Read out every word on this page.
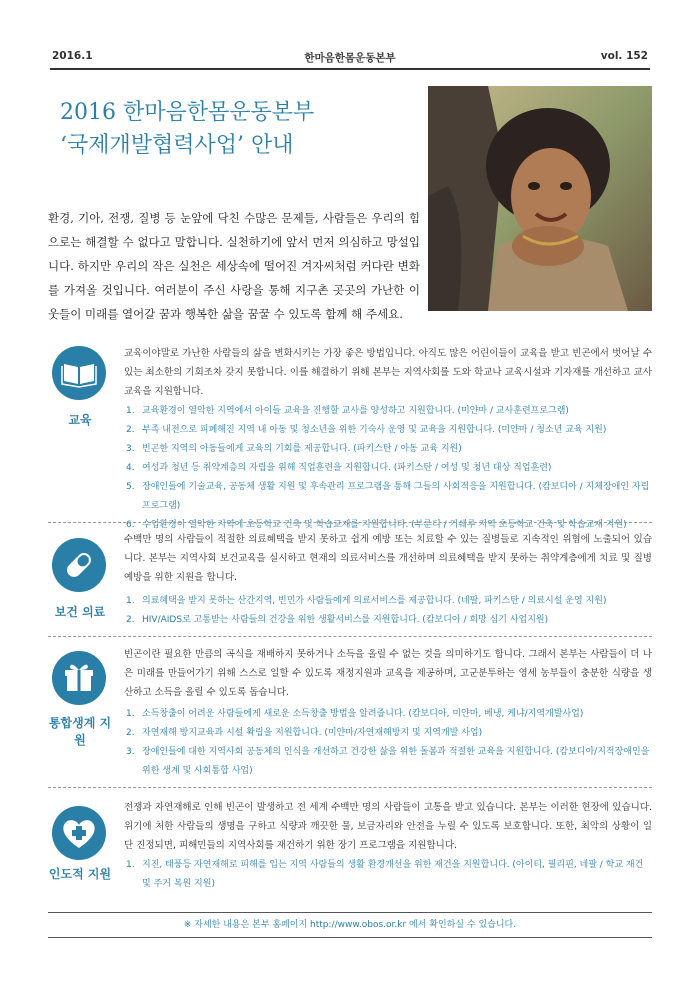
2016.1	한마음한몸운동본부	vol. 152
2016 한마음한몸운동본부
‘국제개발협력사업’ 안내
환경, 기아, 전쟁, 질병 등 눈앞에 닥친 수많은 문제들, 사람들은 우리의 힘으로는 해결할 수 없다고 말합니다. 실천하기에 앞서 먼저 의심하고 망설입니다. 하지만 우리의 작은 실천은 세상속에 떨어진 겨자씨처럼 커다란 변화를 가져올 것입니다. 여러분이 주신 사랑을 통해 지구촌 곳곳의 가난한 이웃들이 미래를 열어갈 꿈과 행복한 삶을 꿈꿀 수 있도록 함께 해 주세요.
교육
교육이야말로 가난한 사람들의 삶을 변화시키는 가장 좋은 방법입니다. 아직도 많은 어린이들이 교육을 받고 빈곤에서 벗어날 수 있는 최소한의 기회조차 갖지 못합니다. 이를 해결하기 위해 본부는 지역사회를 도와 학교나 교육시설과 기자재를 개선하고 교사 교육을 지원합니다.
1. 교육환경이 열악한 지역에서 아이들 교육을 진행할 교사를 양성하고 지원합니다. (미얀마 / 교사훈련프로그램)
2. 부족 내전으로 피폐해진 지역 내 아동 및 청소년을 위한 기숙사 운영 및 교육을 지원합니다. (미얀마 / 청소년 교육 지원)
3. 빈곤한 지역의 아동들에게 교육의 기회를 제공합니다. (파키스탄 / 아동 교육 지원)
4. 여성과 청년 등 취약계층의 자립을 위해 직업훈련을 지원합니다. (파키스탄 / 여성 및 청년 대상 직업훈련)
5. 장애인들에 기술교육, 공동체 생활 지원 및 후속관리 프로그램을 통해 그들의 사회적응을 지원합니다. (캄보디아 / 지체장애인 자립 프로그램)
6. 수업환경이 열악한 지역에 초등학교 건축 및 학습교재를 지원합니다. (부룬디 / 기쉐루 지역 초등학교 건축 및 학습교재 지원)
보건 의료
수백만 명의 사람들이 적절한 의료혜택을 받지 못하고 쉽게 예방 또는 치료할 수 있는 질병들로 지속적인 위협에 노출되어 있습니다. 본부는 지역사회 보건교육을 실시하고 현재의 의료서비스를 개선하며 의료혜택을 받지 못하는 취약계층에게 치료 및 질병 예방을 위한 지원을 합니다.
1. 의료혜택을 받지 못하는 산간지역, 빈민가 사람들에게 의료서비스를 제공합니다. (네팔, 파키스탄 / 의료시설 운영 지원)
2. HIV/AIDS로 고통받는 사람들의 건강을 위한 생활서비스를 지원합니다. (캄보디아 / 희망 심기 사업지원)
통합생계 지원
빈곤이란 필요한 만큼의 곡식을 재배하지 못하거나 소득을 올릴 수 없는 것을 의미하기도 합니다. 그래서 본부는 사람들이 더 나은 미래를 만들어가기 위해 스스로 일할 수 있도록 재정지원과 교육을 제공하며, 고군분투하는 영세 농부들이 충분한 식량을 생산하고 소득을 올릴 수 있도록 돕습니다.
1. 소득창출이 어려운 사람들에게 새로운 소득창출 방법을 알려줍니다. (캄보디아, 미얀마, 베냉, 케냐/지역개발사업)
2. 자연재해 방지교육과 시설 확립을 지원합니다. (미얀마/자연재해방지 및 지역개발 사업)
3. 장애인들에 대한 지역사회 공동체의 인식을 개선하고 건강한 삶을 위한 돌봄과 적절한 교육을 지원합니다. (캄보디아/지적장애인을 위한 생계 및 사회통합 사업)
인도적 지원
전쟁과 자연재해로 인해 빈곤이 발생하고 전 세계 수백만 명의 사람들이 고통을 받고 있습니다. 본부는 이러한 현장에 있습니다. 위기에 처한 사람들의 생명을 구하고 식량과 깨끗한 물, 보금자리와 안전을 누릴 수 있도록 보호합니다. 또한, 최악의 상황이 일단 진정되면, 피해민들의 지역사회를 재건하기 위한 장기 프로그램을 지원합니다.
1. 지진, 태풍등 자연재해로 피해를 입는 지역 사람들의 생활 환경개선을 위한 재건을 지원합니다. (아이티, 필리핀, 네팔 / 학교 재건 및 주거 복원 지원)
※ 자세한 내용은 본부 홈페이지 http://www.obos.or.kr 에서 확인하실 수 있습니다.
